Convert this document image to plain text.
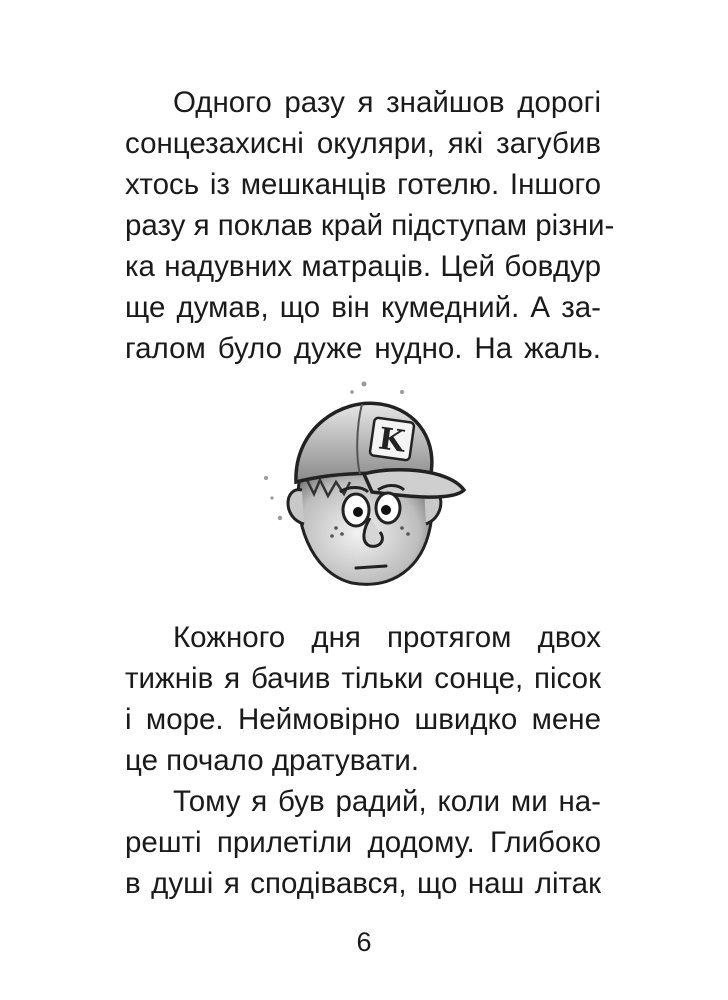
Одного разу я знайшов дорогі
сонцезахисні окуляри, які загубив
хтось із мешканців готелю. Іншого
разу я поклав край підступам різни-
ка надувних матраців. Цей бовдур
ще думав, що він кумедний. А за-
галом було дуже нудно. На жаль.
K
Кожного дня протягом двох
тижнів я бачив тільки сонце, пісок
і море. Неймовірно швидко мене
це почало дратувати.
Тому я був радий, коли ми на-
решті прилетіли додому. Глибоко
в душі я сподівався, що наш літак
6
